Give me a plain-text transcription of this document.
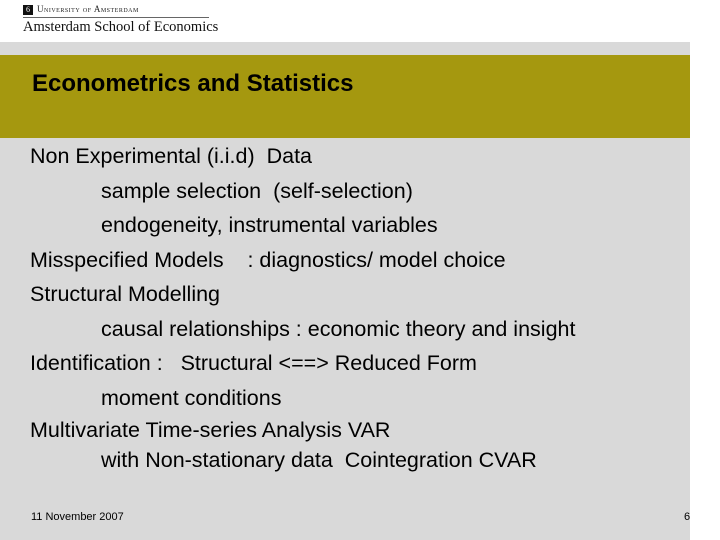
6 University of Amsterdam
Amsterdam School of Economics
Econometrics and Statistics
Non Experimental (i.i.d)  Data
sample selection  (self-selection)
endogeneity, instrumental variables
Misspecified Models    : diagnostics/ model choice
Structural Modelling
causal relationships : economic theory and insight
Identification :   Structural <==> Reduced Form
moment conditions
Multivariate Time-series Analysis VAR
with Non-stationary data  Cointegration CVAR
11 November 2007	6
